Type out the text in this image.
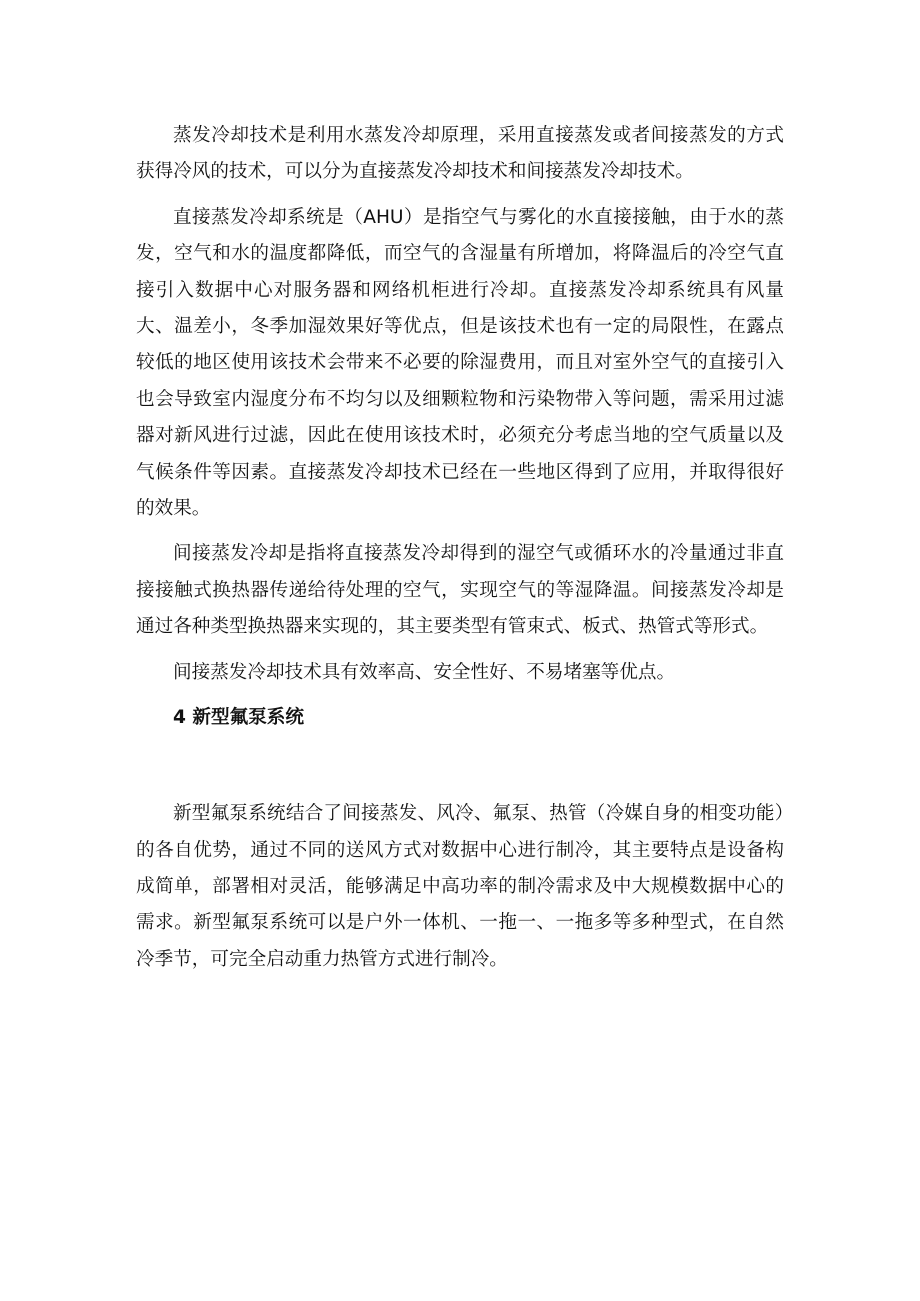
蒸发冷却技术是利用水蒸发冷却原理，采用直接蒸发或者间接蒸发的方式获得冷风的技术，可以分为直接蒸发冷却技术和间接蒸发冷却技术。

直接蒸发冷却系统是（AHU）是指空气与雾化的水直接接触，由于水的蒸发，空气和水的温度都降低，而空气的含湿量有所增加，将降温后的冷空气直接引入数据中心对服务器和网络机柜进行冷却。直接蒸发冷却系统具有风量大、温差小，冬季加湿效果好等优点，但是该技术也有一定的局限性，在露点较低的地区使用该技术会带来不必要的除湿费用，而且对室外空气的直接引入也会导致室内湿度分布不均匀以及细颗粒物和污染物带入等问题，需采用过滤器对新风进行过滤，因此在使用该技术时，必须充分考虑当地的空气质量以及气候条件等因素。直接蒸发冷却技术已经在一些地区得到了应用，并取得很好的效果。

间接蒸发冷却是指将直接蒸发冷却得到的湿空气或循环水的冷量通过非直接接触式换热器传递给待处理的空气，实现空气的等湿降温。间接蒸发冷却是通过各种类型换热器来实现的，其主要类型有管束式、板式、热管式等形式。

间接蒸发冷却技术具有效率高、安全性好、不易堵塞等优点。

4 新型氟泵系统

新型氟泵系统结合了间接蒸发、风冷、氟泵、热管（冷媒自身的相变功能）的各自优势，通过不同的送风方式对数据中心进行制冷，其主要特点是设备构成简单，部署相对灵活，能够满足中高功率的制冷需求及中大规模数据中心的需求。新型氟泵系统可以是户外一体机、一拖一、一拖多等多种型式，在自然冷季节，可完全启动重力热管方式进行制冷。
